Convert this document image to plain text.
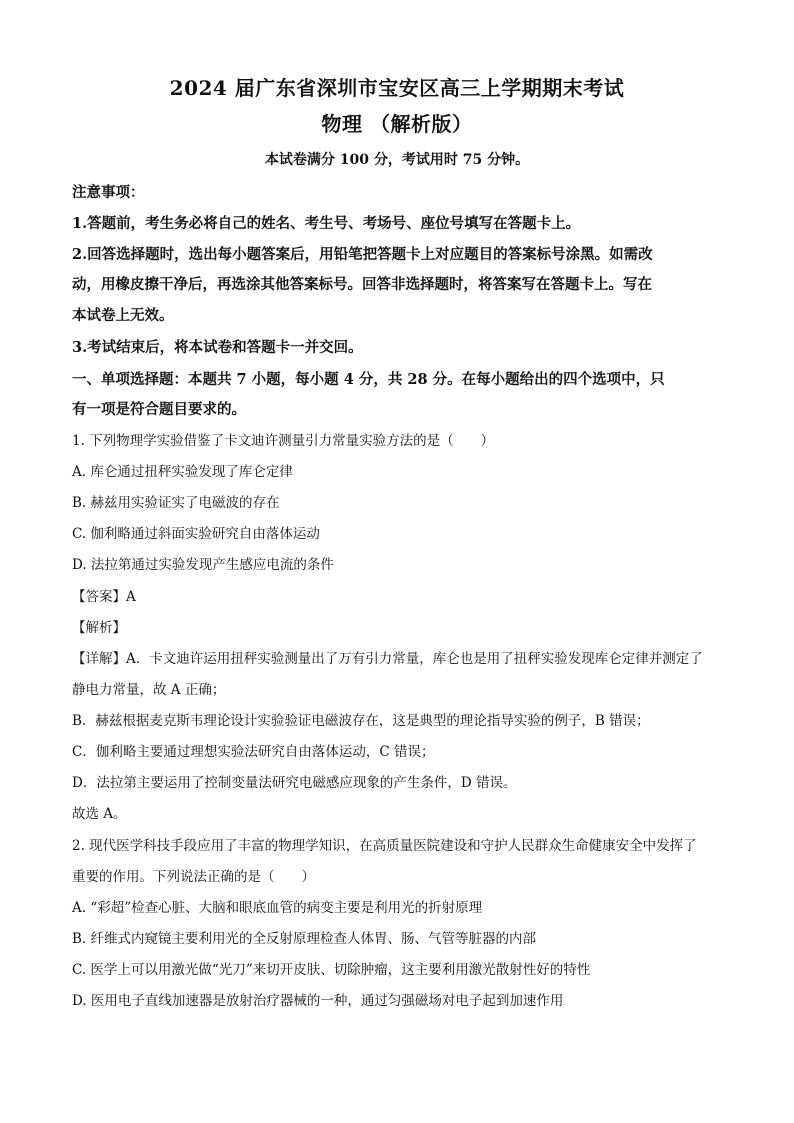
2024 届广东省深圳市宝安区高三上学期期末考试
物理 （解析版）
本试卷满分 100 分，考试用时 75 分钟。
注意事项：
1.答题前，考生务必将自己的姓名、考生号、考场号、座位号填写在答题卡上。
2.回答选择题时，选出每小题答案后，用铅笔把答题卡上对应题目的答案标号涂黑。如需改
动，用橡皮擦干净后，再选涂其他答案标号。回答非选择题时，将答案写在答题卡上。写在
本试卷上无效。
3.考试结束后，将本试卷和答题卡一并交回。
一、单项选择题：本题共 7 小题，每小题 4 分，共 28 分。在每小题给出的四个选项中，只
有一项是符合题目要求的。
1. 下列物理学实验借鉴了卡文迪许测量引力常量实验方法的是（　　）
A. 库仑通过扭秤实验发现了库仑定律
B. 赫兹用实验证实了电磁波的存在
C. 伽利略通过斜面实验研究自由落体运动
D. 法拉第通过实验发现产生感应电流的条件
【答案】A
【解析】
【详解】A．卡文迪许运用扭秤实验测量出了万有引力常量，库仑也是用了扭秤实验发现库仑定律并测定了
静电力常量，故 A 正确；
B．赫兹根据麦克斯韦理论设计实验验证电磁波存在，这是典型的理论指导实验的例子，B 错误；
C．伽利略主要通过理想实验法研究自由落体运动，C 错误；
D．法拉第主要运用了控制变量法研究电磁感应现象的产生条件，D 错误。
故选 A。
2. 现代医学科技手段应用了丰富的物理学知识，在高质量医院建设和守护人民群众生命健康安全中发挥了
重要的作用。下列说法正确的是（　　）
A. “彩超”检查心脏、大脑和眼底血管的病变主要是利用光的折射原理
B. 纤维式内窥镜主要利用光的全反射原理检查人体胃、肠、气管等脏器的内部
C. 医学上可以用激光做“光刀”来切开皮肤、切除肿瘤，这主要利用激光散射性好的特性
D. 医用电子直线加速器是放射治疗器械的一种，通过匀强磁场对电子起到加速作用
